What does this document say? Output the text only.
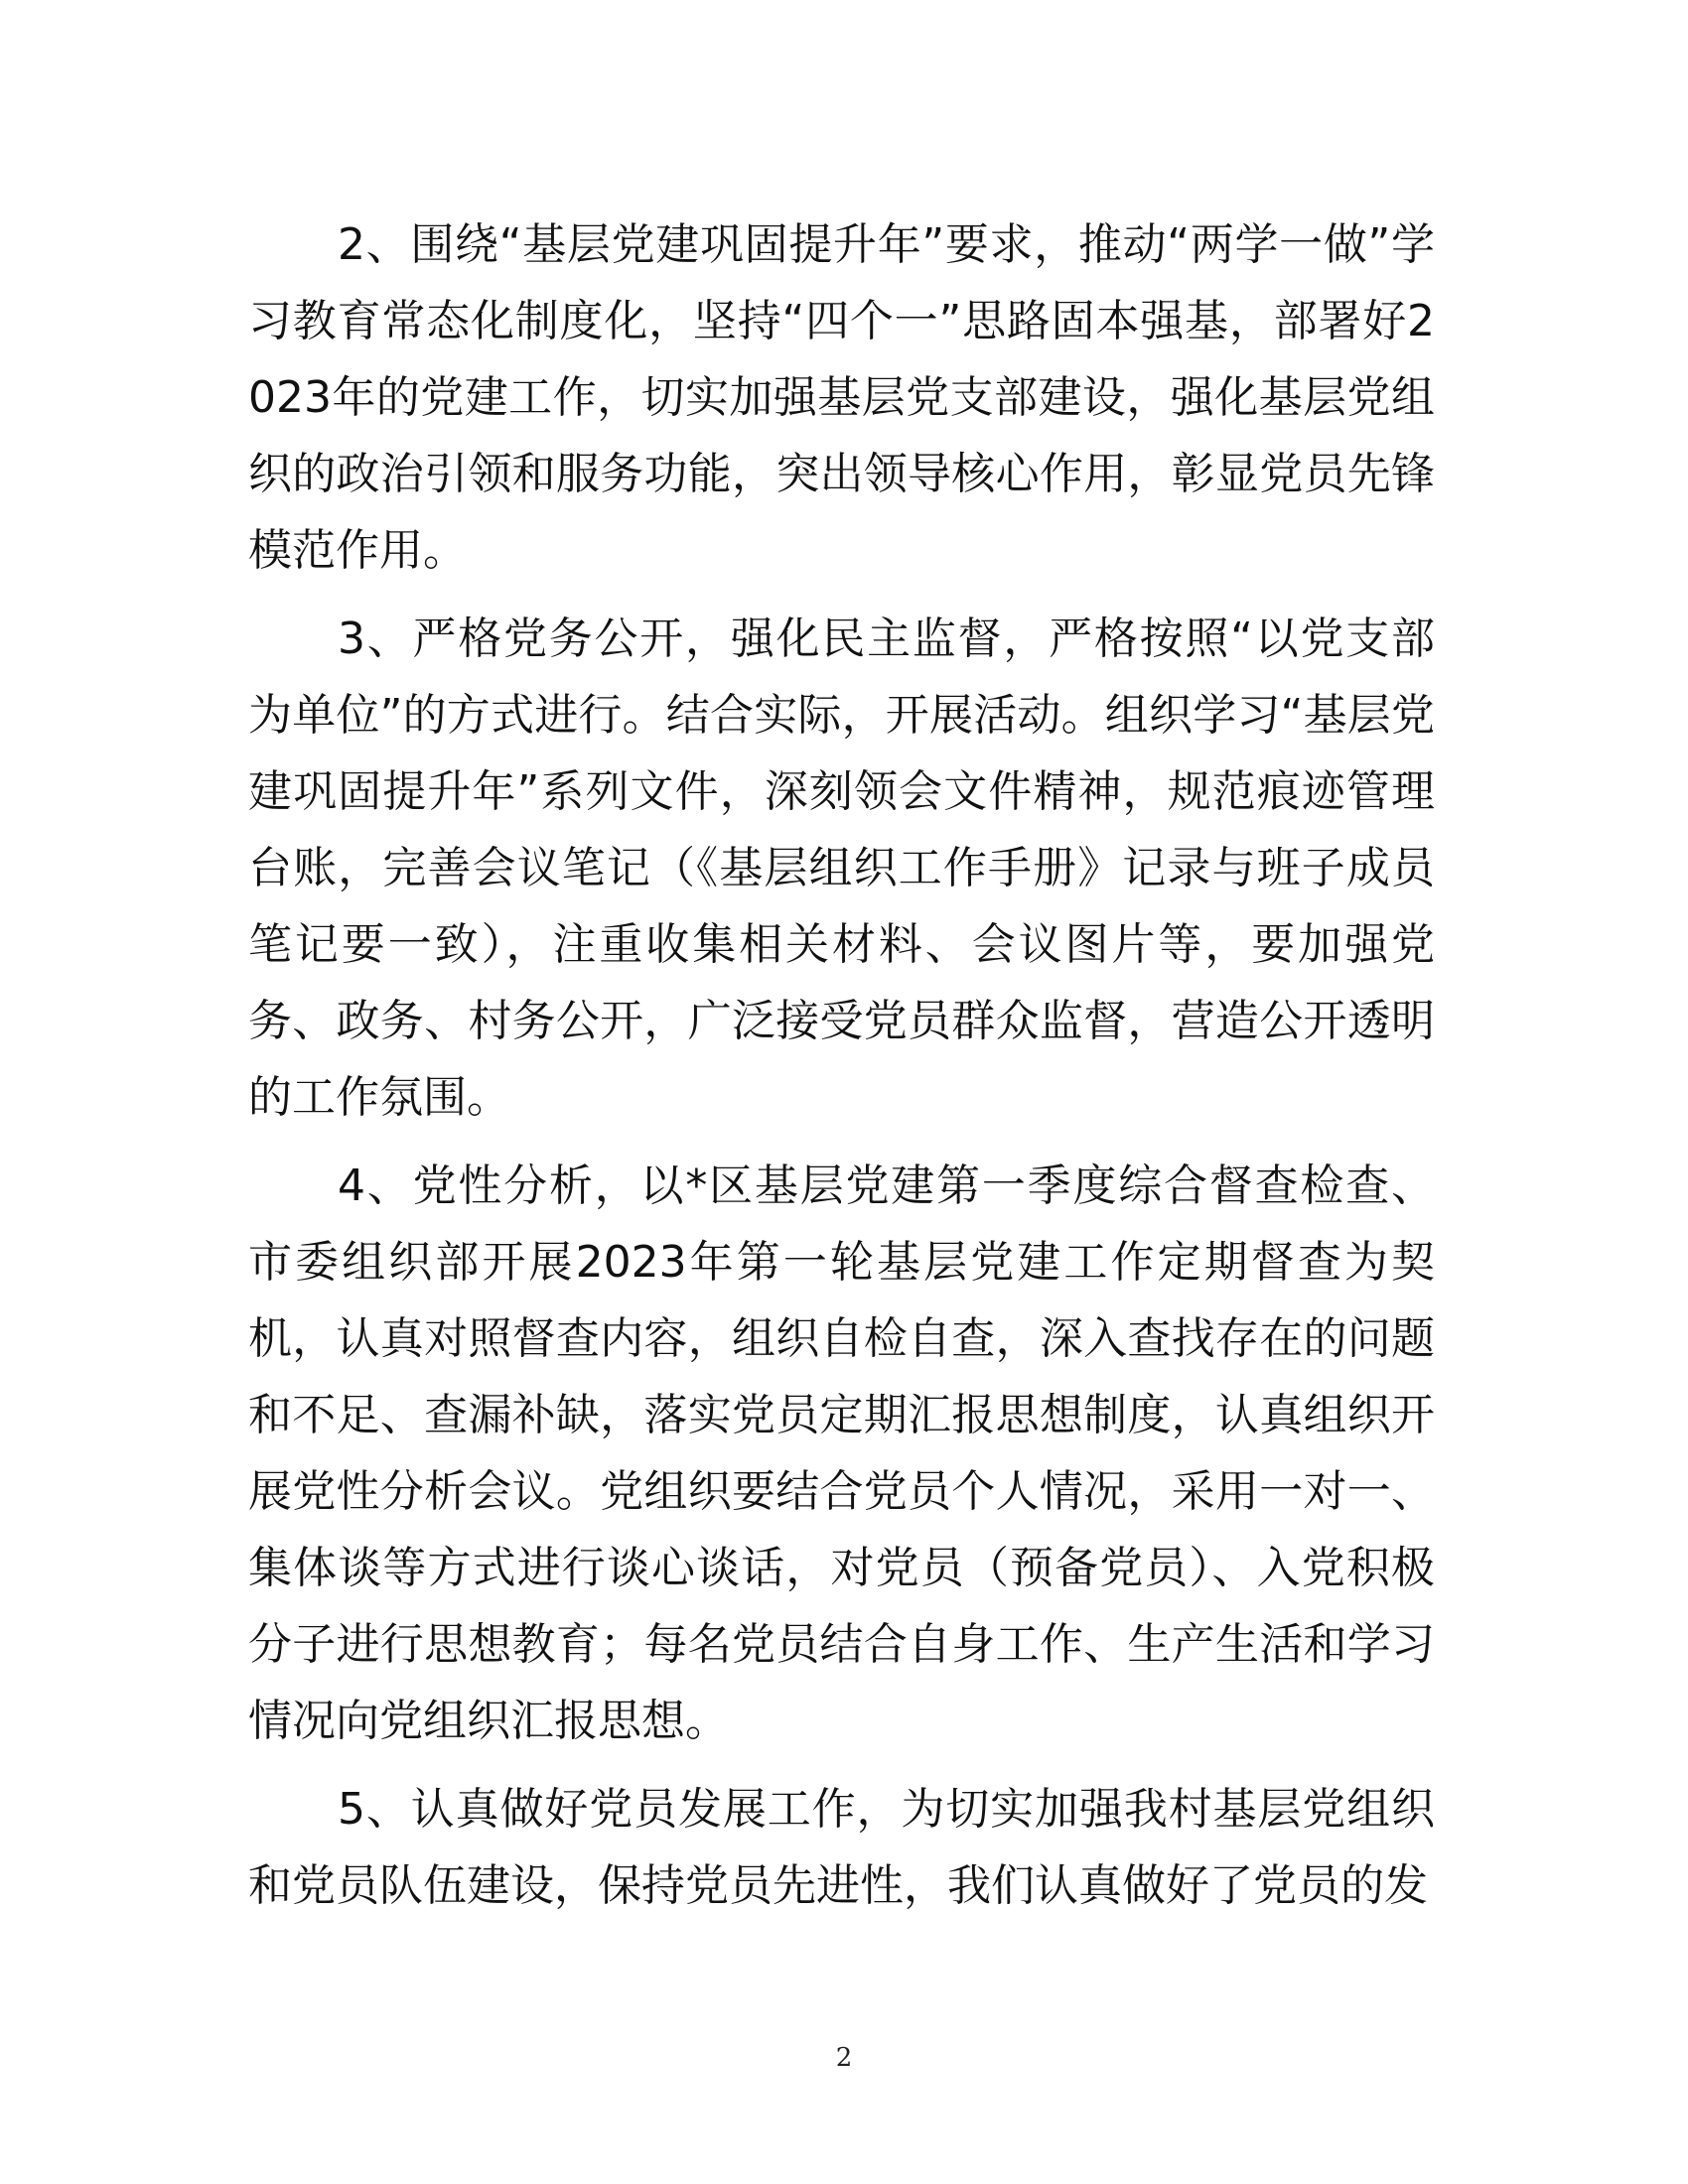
2、围绕“基层党建巩固提升年”要求，推动“两学一做”学习教育常态化制度化，坚持“四个一”思路固本强基，部署好2023年的党建工作，切实加强基层党支部建设，强化基层党组织的政治引领和服务功能，突出领导核心作用，彰显党员先锋模范作用。

3、严格党务公开，强化民主监督，严格按照“以党支部为单位”的方式进行。结合实际，开展活动。组织学习“基层党建巩固提升年”系列文件，深刻领会文件精神，规范痕迹管理台账，完善会议笔记（《基层组织工作手册》记录与班子成员笔记要一致），注重收集相关材料、会议图片等，要加强党务、政务、村务公开，广泛接受党员群众监督，营造公开透明的工作氛围。

4、党性分析，以*区基层党建第一季度综合督查检查、市委组织部开展2023年第一轮基层党建工作定期督查为契机，认真对照督查内容，组织自检自查，深入查找存在的问题和不足、查漏补缺，落实党员定期汇报思想制度，认真组织开展党性分析会议。党组织要结合党员个人情况，采用一对一、集体谈等方式进行谈心谈话，对党员（预备党员）、入党积极分子进行思想教育；每名党员结合自身工作、生产生活和学习情况向党组织汇报思想。

5、认真做好党员发展工作，为切实加强我村基层党组织和党员队伍建设，保持党员先进性，我们认真做好了党员的发

2
